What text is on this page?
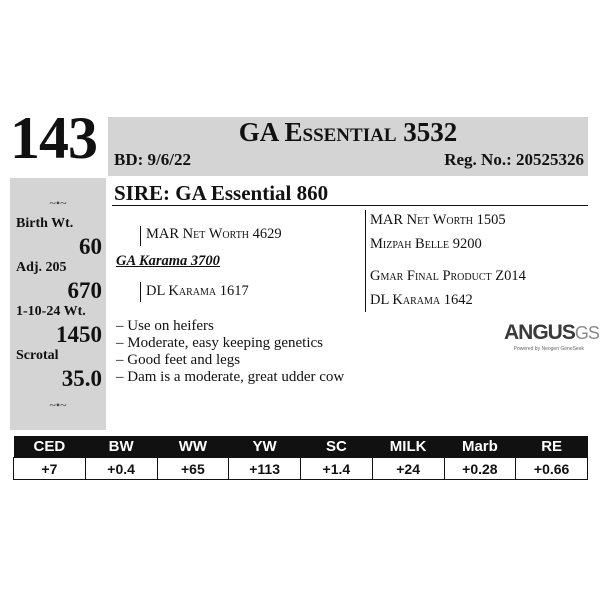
143	GA Essential 3532
BD: 9/6/22	Reg. No.: 20525326
~•~
Birth Wt.
60
Adj. 205
670
1-10-24 Wt.
1450
Scrotal
35.0
~•~
SIRE: GA Essential 860
MAR Net Worth 1505
Mizpah Belle 9200
MAR Net Worth 4629
GA Karama 3700
DL Karama 1617
Gmar Final Product Z014
DL Karama 1642
– Use on heifers
– Moderate, easy keeping genetics
– Good feet and legs
– Dam is a moderate, great udder cow
ANGUSGS
Powered by Neogen GeneSeek
CED	BW	WW	YW	SC	MILK	Marb	RE
+7	+0.4	+65	+113	+1.4	+24	+0.28	+0.66
